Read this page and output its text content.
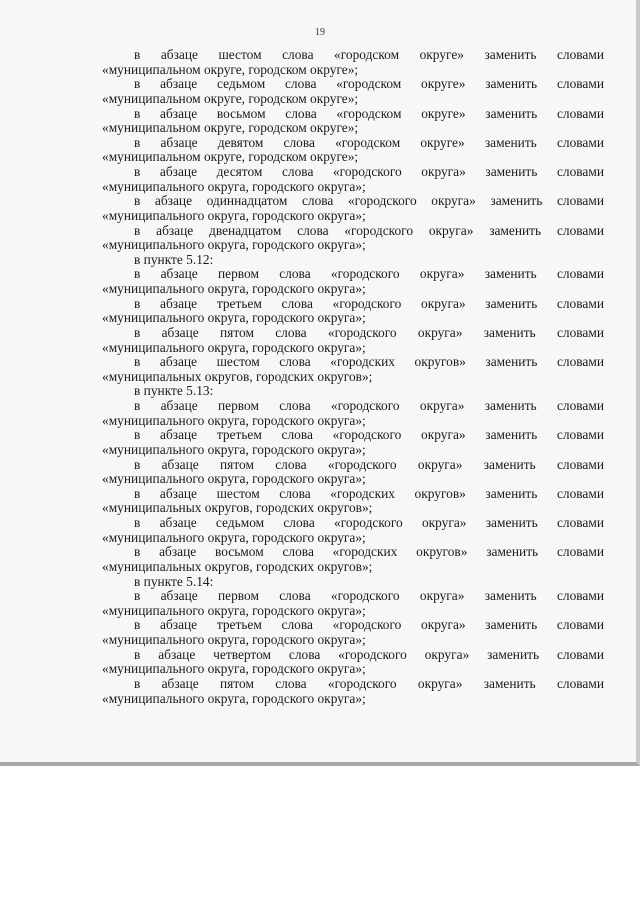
19

в абзаце шестом слова «городском округе» заменить словами
«муниципальном округе, городском округе»;

в абзаце седьмом слова «городском округе» заменить словами
«муниципальном округе, городском округе»;

в абзаце восьмом слова «городском округе» заменить словами
«муниципальном округе, городском округе»;

в абзаце девятом слова «городском округе» заменить словами
«муниципальном округе, городском округе»;

в абзаце десятом слова «городского округа» заменить словами
«муниципального округа, городского округа»;

в абзаце одиннадцатом слова «городского округа» заменить словами
«муниципального округа, городского округа»;

в абзаце двенадцатом слова «городского округа» заменить словами
«муниципального округа, городского округа»;

в пункте 5.12:

в абзаце первом слова «городского округа» заменить словами
«муниципального округа, городского округа»;

в абзаце третьем слова «городского округа» заменить словами
«муниципального округа, городского округа»;

в абзаце пятом слова «городского округа» заменить словами
«муниципального округа, городского округа»;

в абзаце шестом слова «городских округов» заменить словами
«муниципальных округов, городских округов»;

в пункте 5.13:

в абзаце первом слова «городского округа» заменить словами
«муниципального округа, городского округа»;

в абзаце третьем слова «городского округа» заменить словами
«муниципального округа, городского округа»;

в абзаце пятом слова «городского округа» заменить словами
«муниципального округа, городского округа»;

в абзаце шестом слова «городских округов» заменить словами
«муниципальных округов, городских округов»;

в абзаце седьмом слова «городского округа» заменить словами
«муниципального округа, городского округа»;

в абзаце восьмом слова «городских округов» заменить словами
«муниципальных округов, городских округов»;

в пункте 5.14:

в абзаце первом слова «городского округа» заменить словами
«муниципального округа, городского округа»;

в абзаце третьем слова «городского округа» заменить словами
«муниципального округа, городского округа»;

в абзаце четвертом слова «городского округа» заменить словами
«муниципального округа, городского округа»;

в абзаце пятом слова «городского округа» заменить словами
«муниципального округа, городского округа»;
